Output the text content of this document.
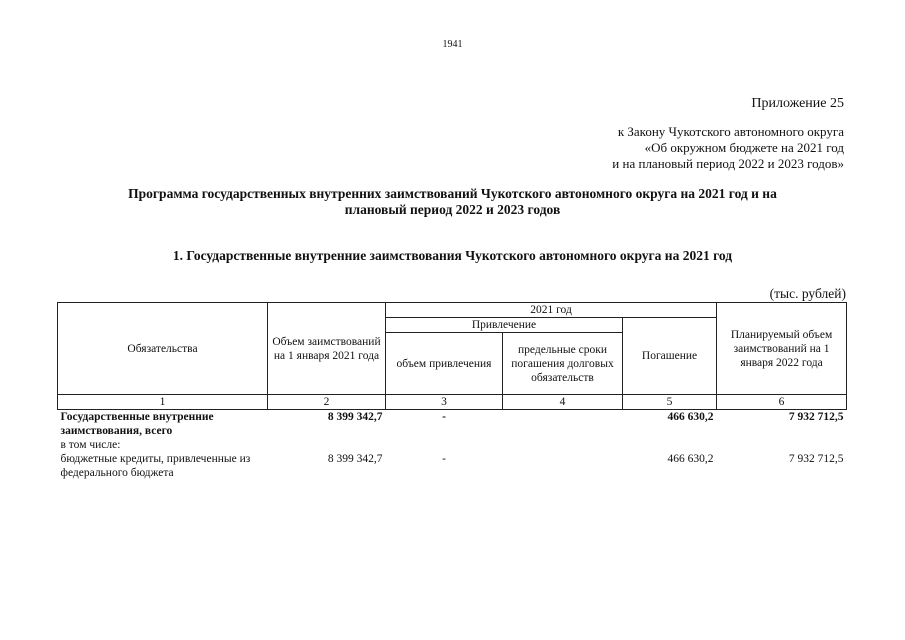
1941
Приложение 25
к Закону Чукотского автономного округа
«Об окружном бюджете на 2021 год
и на плановый период 2022 и 2023 годов»
Программа государственных внутренних заимствований Чукотского автономного округа на 2021 год и на
плановый период 2022 и 2023 годов
1. Государственные внутренние заимствования Чукотского автономного округа на 2021 год
(тыс. рублей)
Обязательства	Объем заимствований на 1 января 2021 года	2021 год			Планируемый объем заимствований на 1 января 2022 года
		Привлечение		Погашение	
		объем привлечения	предельные сроки погашения долговых обязательств		
1	2	3	4	5	6
Государственные внутренние заимствования, всего	8 399 342,7	-		466 630,2	7 932 712,5
в том числе:					
бюджетные кредиты, привлеченные из федерального бюджета	8 399 342,7	-		466 630,2	7 932 712,5
